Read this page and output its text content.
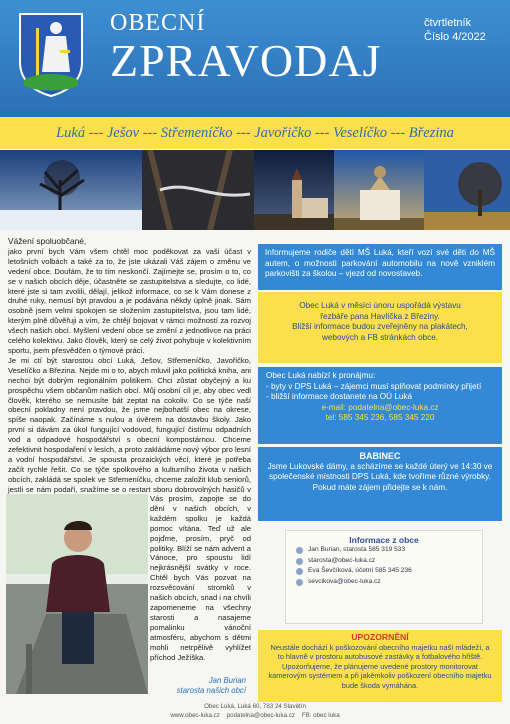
OBECNÍ
ZPRAVODAJ
čtvrtletník
Číslo 4/2022
Luká --- Ješov --- Střemeníčko --- Javořičko --- Veselíčko --- Březina

Vážení spoluobčané,

jako první bych Vám všem chtěl moc poděkovat za vaši účast v letošních volbách a také za to, že jste ukázali Váš zájem o změnu ve vedení obce. Doufám, že to tím neskončí. Zajímejte se, prosím o to, co se v našich obcích děje, účastněte se zastupitelstva a sledujte, co lidé, které jste si tam zvolili, dělají, jelikož informace, co se k Vám donese z druhé ruky, nemusí být pravdou a je podávána někdy úplně jinak. Sám osobně jsem velmi spokojen se složením zastupitelstva, jsou tam lidé, kterým plně důvěřuji a vím, že chtějí bojovat v rámci možností za rozvoj všech našich obcí. Myšlení vedení obce se změní z jednotlivce na práci celého kolektivu. Jako člověk, který se celý život pohybuje v kolektivním sportu, jsem přesvědčen o týmové práci.

Je mi ctí být starostou obcí Luká, Ješov, Střemeníčko, Javořičko, Veselíčko a Březina. Nejde mi o to, abych mluvil jako politická kniha, ani nechci být dobrým regionálním politikem. Chci zůstat obyčejný a ku prospěchu všem občanům našich obcí. Můj osobní cíl je, aby obec vedl člověk, kterého se nemusíte bát zeptat na cokoliv. Co se týče naší obecní pokladny není pravdou, že jsme nejbohatší obec na okrese, spíše naopak. Začínáme s nulou a úvěrem na dostavbu školy. Jako první si dávám za úkol fungující vodovod, fungující čistírnu odpadních vod a odpadové hospodářství s obecní kompostárnou. Chceme zefektivnit hospodaření v lesích, a proto zakládáme nový výbor pro lesní a vodní hospodářství. Je spousta prozaických věcí, které je potřeba začít rychle řešit. Co se týče spolkového a kulturního života v našich obcích, zakládá se spolek ve Střemeníčku, chceme založit klub seniorů, jestli se nám podaří, snažíme se o restart sboru dobrovolných hasičů v

Vás prosím, zapojte se do dění v našich obcích, v každém spolku je každá pomoc vítána. Teď už ale pojďme, prosím, pryč od politiky. Blíží se nám advent a Vánoce, pro spoustu lidí nejkrásnější svátky v roce. Chtěl bych Vás pozvat na rozsvěcování stromků v našich obcích, snad i na chvíli zapomeneme na všechny starosti a nasajeme pomalinku vánoční atmosféru, abychom s dětmi mohli netrpělivě vyhlížet příchod Ježíška.
Jan Burian
starosta našich obcí
Informujeme rodiče dětí MŠ Luká, kteří vozí své děti do MŠ autem, o možnosti parkování automobilu na nově vzniklém parkovišti za školou – vjezd od novostaveb.
Obec Luká v měsíci únoru uspořádá výstavu
řezbáře pana Havlíčka z Březiny.
Bližší informace budou zveřejněny na plakátech,
webových a FB stránkách obce.
Obec Luká nabízí k pronájmu:
- byty v DPS Luká – zájemci musí splňovat podmínky přijetí
- bližší informace dostanete na OÚ Luká
e-mail: podatelna@obec-luka.cz
tel: 585 345 236, 585 345 220
BABINEC
Jsme Lukovské dámy, a scházíme se každé úterý ve 14:30 ve společenské místnosti DPS Luká, kde tvoříme různé výrobky. Pokud máte zájem přidejte se k nám.
Informace z obce
Jan Burian, starosta 585 319 533
starosta@obec-luka.cz
Eva Ševčíková, účetní 585 345 236
sevcikova@obec-luka.cz
UPOZORNĚNÍ
Neustále dochází k poškozování obecního majetku naší mládeží, a to hlavně v prostoru autobusové zastávky a fotbalového hřiště. Upozorňujeme, že plánujeme uvedené prostory monitorovat kamerovým systémem a při jakémkoliv poškození obecního majetku bude škoda vymáhána.
Obec Luká, Luká 60, 783 24 Slavětín
www.obec-luka.cz podatelna@obec-luka.cz FB: obec luka
